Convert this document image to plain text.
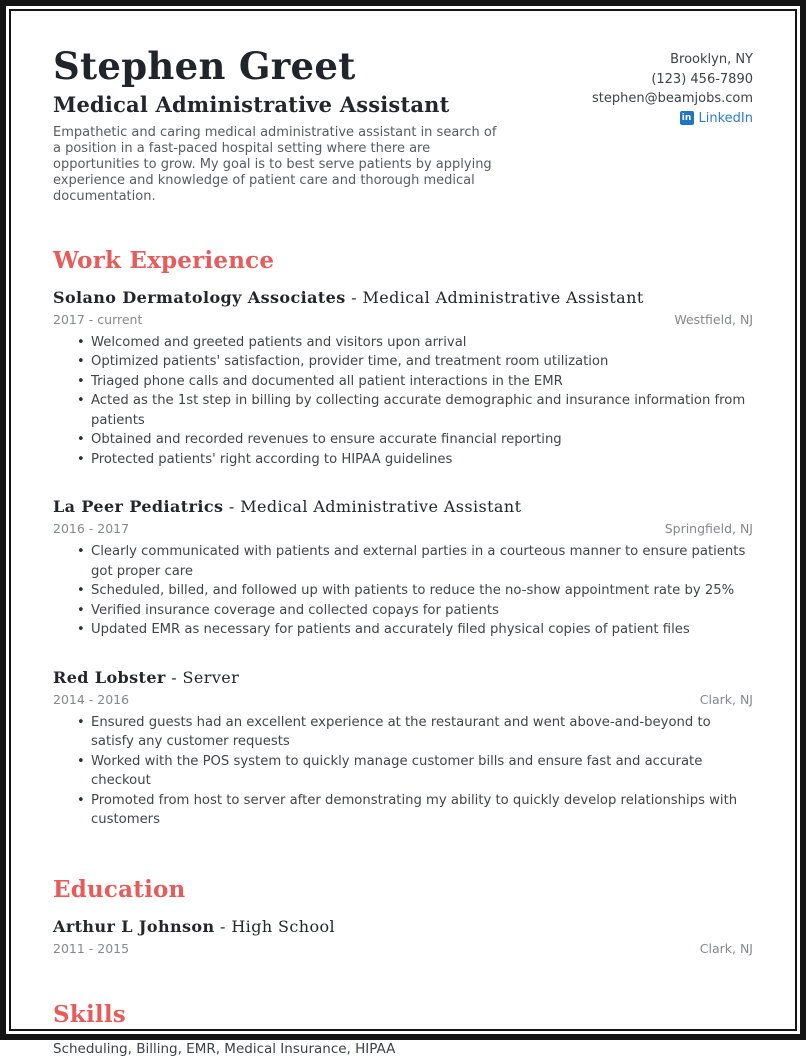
Stephen Greet
Medical Administrative Assistant
Empathetic and caring medical administrative assistant in search of a position in a fast-paced hospital setting where there are opportunities to grow. My goal is to best serve patients by applying experience and knowledge of patient care and thorough medical documentation.
Brooklyn, NY
(123) 456-7890
stephen@beamjobs.com
in LinkedIn
Work Experience
Solano Dermatology Associates - Medical Administrative Assistant
2017 - current	Westfield, NJ
• Welcomed and greeted patients and visitors upon arrival
• Optimized patients' satisfaction, provider time, and treatment room utilization
• Triaged phone calls and documented all patient interactions in the EMR
• Acted as the 1st step in billing by collecting accurate demographic and insurance information from patients
• Obtained and recorded revenues to ensure accurate financial reporting
• Protected patients' right according to HIPAA guidelines
La Peer Pediatrics - Medical Administrative Assistant
2016 - 2017	Springfield, NJ
• Clearly communicated with patients and external parties in a courteous manner to ensure patients got proper care
• Scheduled, billed, and followed up with patients to reduce the no-show appointment rate by 25%
• Verified insurance coverage and collected copays for patients
• Updated EMR as necessary for patients and accurately filed physical copies of patient files
Red Lobster - Server
2014 - 2016	Clark, NJ
• Ensured guests had an excellent experience at the restaurant and went above-and-beyond to satisfy any customer requests
• Worked with the POS system to quickly manage customer bills and ensure fast and accurate checkout
• Promoted from host to server after demonstrating my ability to quickly develop relationships with customers
Education
Arthur L Johnson - High School
2011 - 2015	Clark, NJ
Skills
Scheduling, Billing, EMR, Medical Insurance, HIPAA
